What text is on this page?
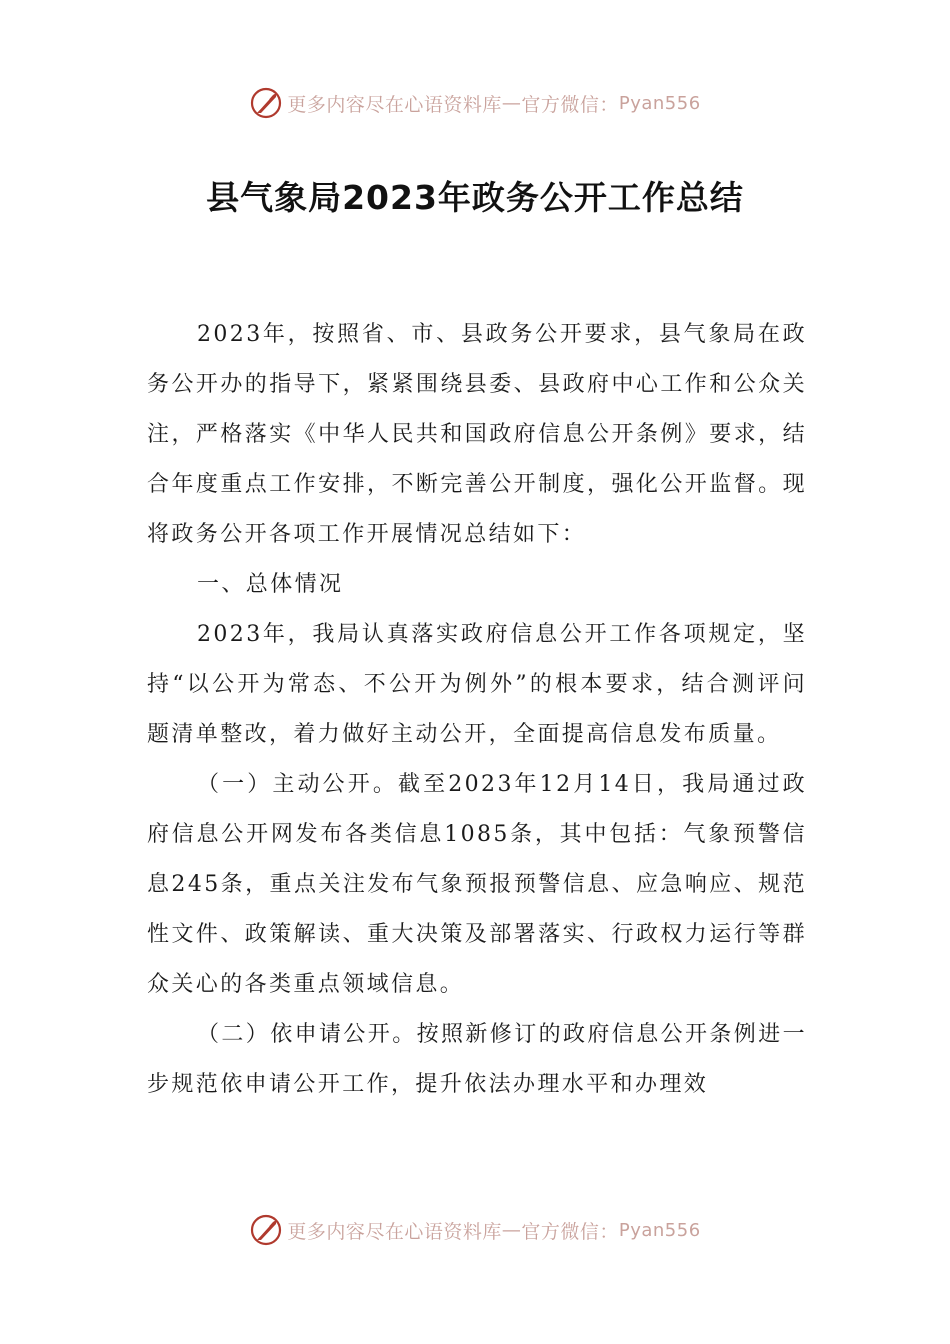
更多内容尽在心语资料库 — 官方微信： Pyan556
县气象局2023年政务公开工作总结

2023年，按照省、市、县政务公开要求，县气象局在政务公开办的指导下，紧紧围绕县委、县政府中心工作和公众关注，严格落实《中华人民共和国政府信息公开条例》要求，结合年度重点工作安排，不断完善公开制度，强化公开监督。现将政务公开各项工作开展情况总结如下：

一、总体情况

2023年，我局认真落实政府信息公开工作各项规定，坚持“以公开为常态、不公开为例外”的根本要求，结合测评问题清单整改，着力做好主动公开，全面提高信息发布质量。

（一）主动公开。截至2023年12月14日，我局通过政府信息公开网发布各类信息1085条，其中包括：气象预警信息245条，重点关注发布气象预报预警信息、应急响应、规范性文件、政策解读、重大决策及部署落实、行政权力运行等群众关心的各类重点领域信息。

（二）依申请公开。按照新修订的政府信息公开条例进一步规范依申请公开工作，提升依法办理水平和办理效

更多内容尽在心语资料库 — 官方微信： Pyan556
